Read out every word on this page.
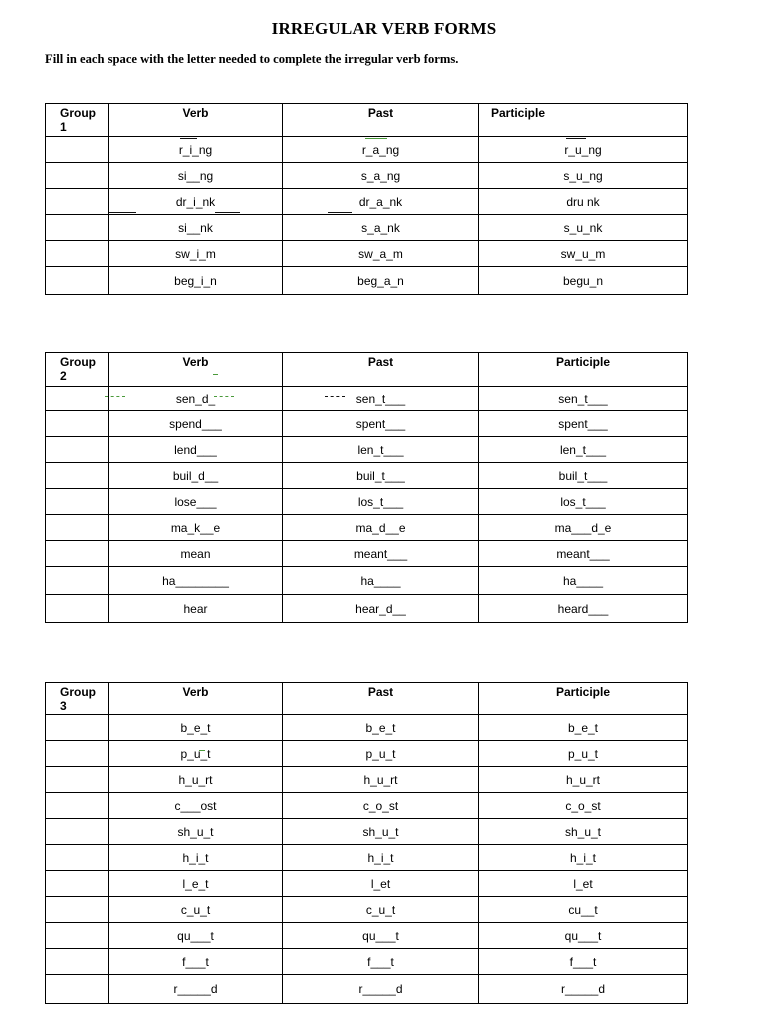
IRREGULAR VERB FORMS
Fill in each space with the letter needed to complete the irregular verb forms.
Group
1	Verb	Past	Participle
	r_i_ng	r_a_ng	r_u_ng
	si__ng	s_a_ng	s_u_ng
	dr_i_nk	dr_a_nk	dru nk
	si__nk	s_a_nk	s_u_nk
	sw_i_m	sw_a_m	sw_u_m
	beg_i_n	beg_a_n	begu_n
Group
2	Verb	Past	Participle
	sen_d_	sen_t___	sen_t___
	spend___	spent___	spent___
	lend___	len_t___	len_t___
	buil_d__	buil_t___	buil_t___
	lose___	los_t___	los_t___
	ma_k__e	ma_d__e	ma___d_e
	mean	meant___	meant___
	ha________	ha____	ha____
	hear	hear_d__	heard___
Group
3	Verb	Past	Participle
	b_e_t	b_e_t	b_e_t
	p_u_t	p_u_t	p_u_t
	h_u_rt	h_u_rt	h_u_rt
	c___ost	c_o_st	c_o_st
	sh_u_t	sh_u_t	sh_u_t
	h_i_t	h_i_t	h_i_t
	l_e_t	l_et	l_et
	c_u_t	c_u_t	cu__t
	qu___t	qu___t	qu___t
	f___t	f___t	f___t
	r_____d	r_____d	r_____d
